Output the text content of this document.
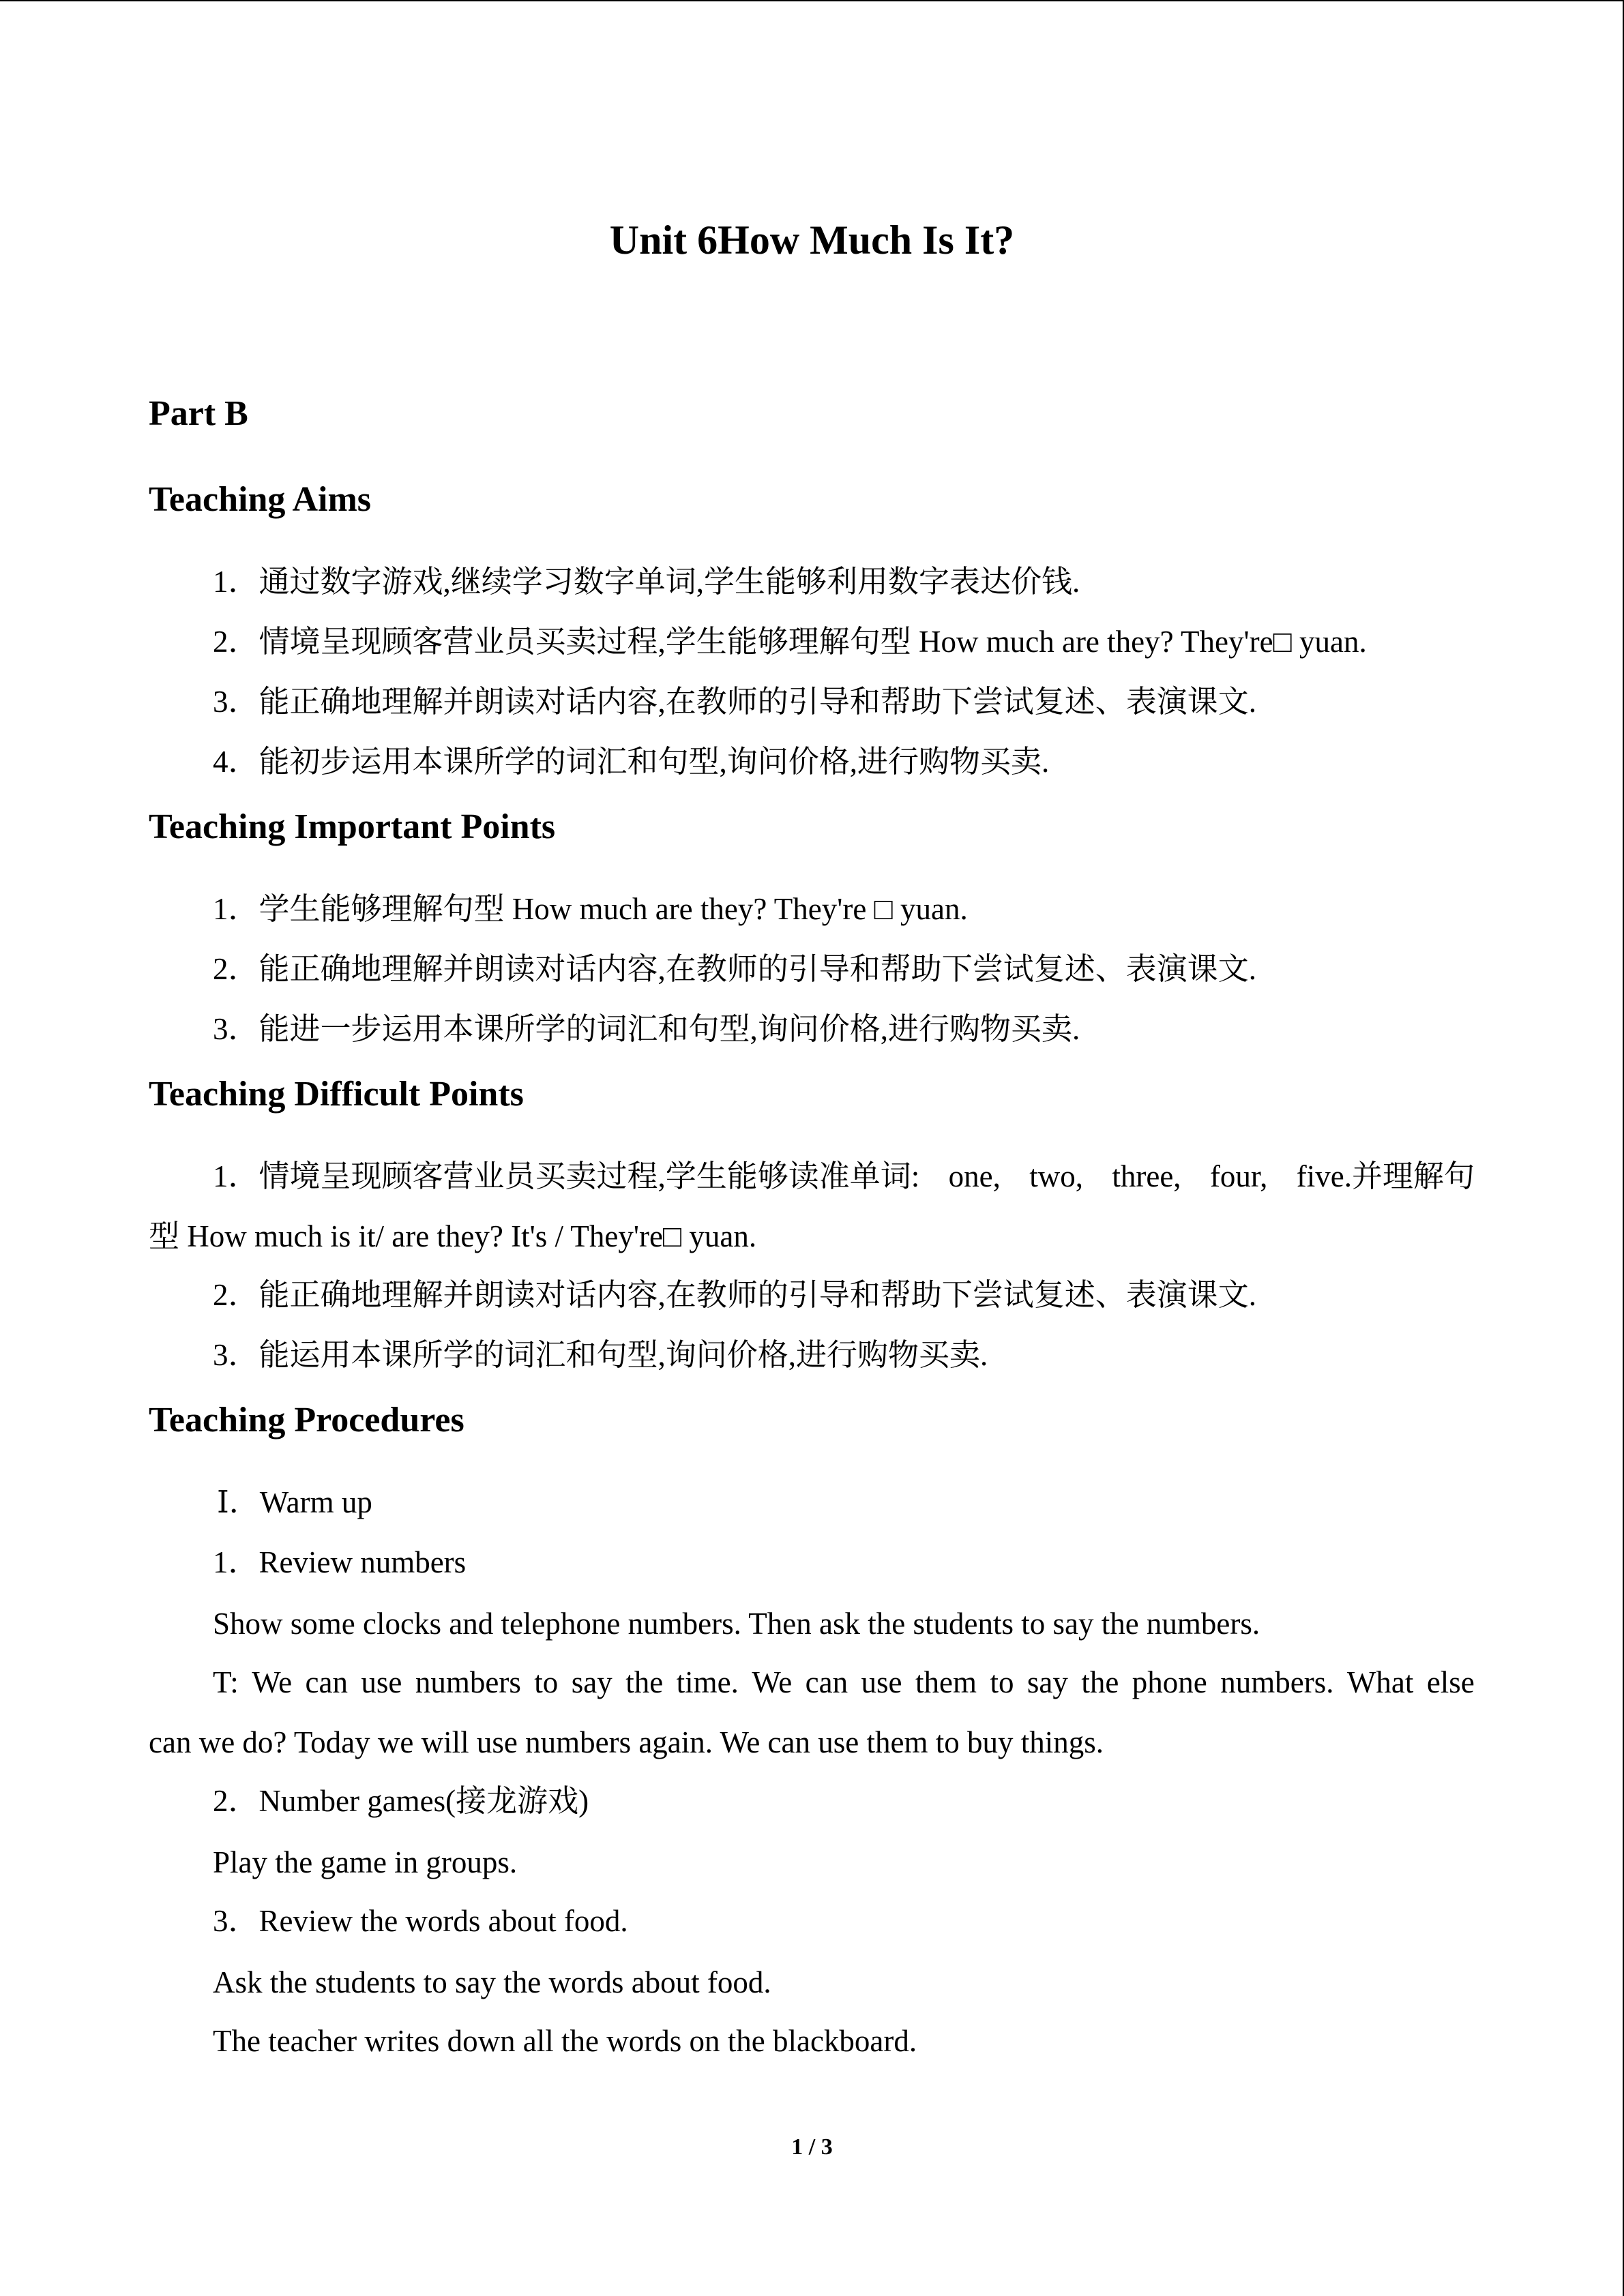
Unit 6How Much Is It?
Part B
Teaching Aims

1．通过数字游戏,继续学习数字单词,学生能够利用数字表达价钱.

2．情境呈现顾客营业员买卖过程,学生能够理解句型 How much are they? They're□ yuan.

3．能正确地理解并朗读对话内容,在教师的引导和帮助下尝试复述、表演课文.

4．能初步运用本课所学的词汇和句型,询问价格,进行购物买卖.

Teaching Important Points

1．学生能够理解句型 How much are they? They're □ yuan.

2．能正确地理解并朗读对话内容,在教师的引导和帮助下尝试复述、表演课文.

3．能进一步运用本课所学的词汇和句型,询问价格,进行购物买卖.

Teaching Difficult Points
1．情境呈现顾客营业员买卖过程,学生能够读准单词: one, two, three, four, five.并理解句

型 How much is it/ are they? It's / They're□ yuan.

2．能正确地理解并朗读对话内容,在教师的引导和帮助下尝试复述、表演课文.

3．能运用本课所学的词汇和句型,询问价格,进行购物买卖.

Teaching Procedures

Ⅰ．Warm up

1．Review numbers

Show some clocks and telephone numbers. Then ask the students to say the numbers.

T: We can use numbers to say the time. We can use them to say the phone numbers. What else

can we do? Today we will use numbers again. We can use them to buy things.

2．Number games(接龙游戏)

Play the game in groups.

3．Review the words about food.

Ask the students to say the words about food.

The teacher writes down all the words on the blackboard.

1 / 3
